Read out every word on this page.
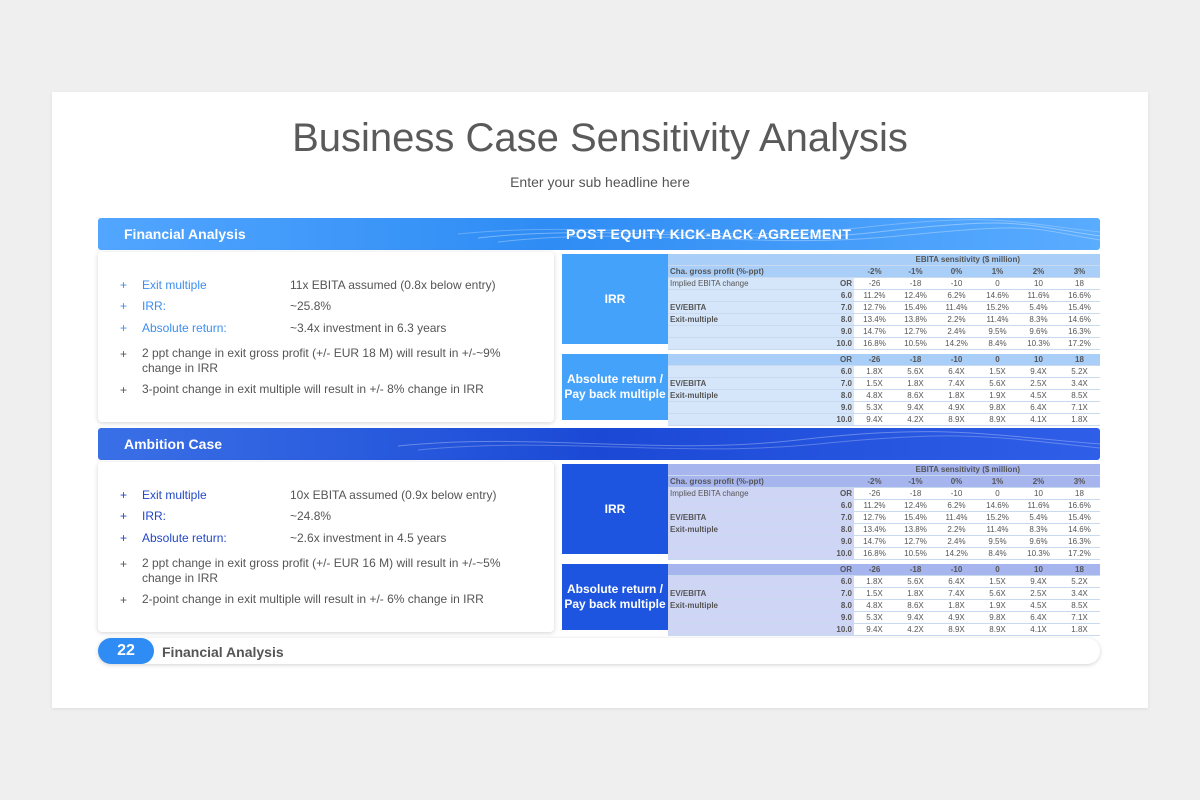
Business Case Sensitivity Analysis
Enter your sub headline here
Financial Analysis	POST EQUITY KICK-BACK AGREEMENT
+ Exit multiple	11x EBITA assumed (0.8x below entry)
+ IRR:	~25.8%
+ Absolute return:	~3.4x investment in 6.3 years
+ 2 ppt change in exit gross profit (+/- EUR 18 M) will result in +/-~9% change in IRR
+ 3-point change in exit multiple will result in +/- 8% change in IRR
IRR
Absolute return / Pay back multiple
EBITA sensitivity ($ million)							
Cha. gross profit (%-ppt)		-2%	-1%	0%	1%	2%	3%
Implied EBITA change	OR	-26	-18	-10	0	10	18
	6.0	11.2%	12.4%	6.2%	14.6%	11.6%	16.6%
EV/EBITA	7.0	12.7%	15.4%	11.4%	15.2%	5.4%	15.4%
Exit-multiple	8.0	13.4%	13.8%	2.2%	11.4%	8.3%	14.6%
	9.0	14.7%	12.7%	2.4%	9.5%	9.6%	16.3%
	10.0	16.8%	10.5%	14.2%	8.4%	10.3%	17.2%
	OR	-26	-18	-10	0	10	18
	6.0	1.8X	5.6X	6.4X	1.5X	9.4X	5.2X
EV/EBITA	7.0	1.5X	1.8X	7.4X	5.6X	2.5X	3.4X
Exit-multiple	8.0	4.8X	8.6X	1.8X	1.9X	4.5X	8.5X
	9.0	5.3X	9.4X	4.9X	9.8X	6.4X	7.1X
	10.0	9.4X	4.2X	8.9X	8.9X	4.1X	1.8X
Ambition Case
+ Exit multiple	10x EBITA assumed (0.9x below entry)
+ IRR:	~24.8%
+ Absolute return:	~2.6x investment in 4.5 years
+ 2 ppt change in exit gross profit (+/- EUR 16 M) will result in +/-~5% change in IRR
+ 2-point change in exit multiple will result in +/- 6% change in IRR
IRR
Absolute return / Pay back multiple
EBITA sensitivity ($ million)							
Cha. gross profit (%-ppt)		-2%	-1%	0%	1%	2%	3%
Implied EBITA change	OR	-26	-18	-10	0	10	18
	6.0	11.2%	12.4%	6.2%	14.6%	11.6%	16.6%
EV/EBITA	7.0	12.7%	15.4%	11.4%	15.2%	5.4%	15.4%
Exit-multiple	8.0	13.4%	13.8%	2.2%	11.4%	8.3%	14.6%
	9.0	14.7%	12.7%	2.4%	9.5%	9.6%	16.3%
	10.0	16.8%	10.5%	14.2%	8.4%	10.3%	17.2%
	OR	-26	-18	-10	0	10	18
	6.0	1.8X	5.6X	6.4X	1.5X	9.4X	5.2X
EV/EBITA	7.0	1.5X	1.8X	7.4X	5.6X	2.5X	3.4X
Exit-multiple	8.0	4.8X	8.6X	1.8X	1.9X	4.5X	8.5X
	9.0	5.3X	9.4X	4.9X	9.8X	6.4X	7.1X
	10.0	9.4X	4.2X	8.9X	8.9X	4.1X	1.8X
22	Financial Analysis
